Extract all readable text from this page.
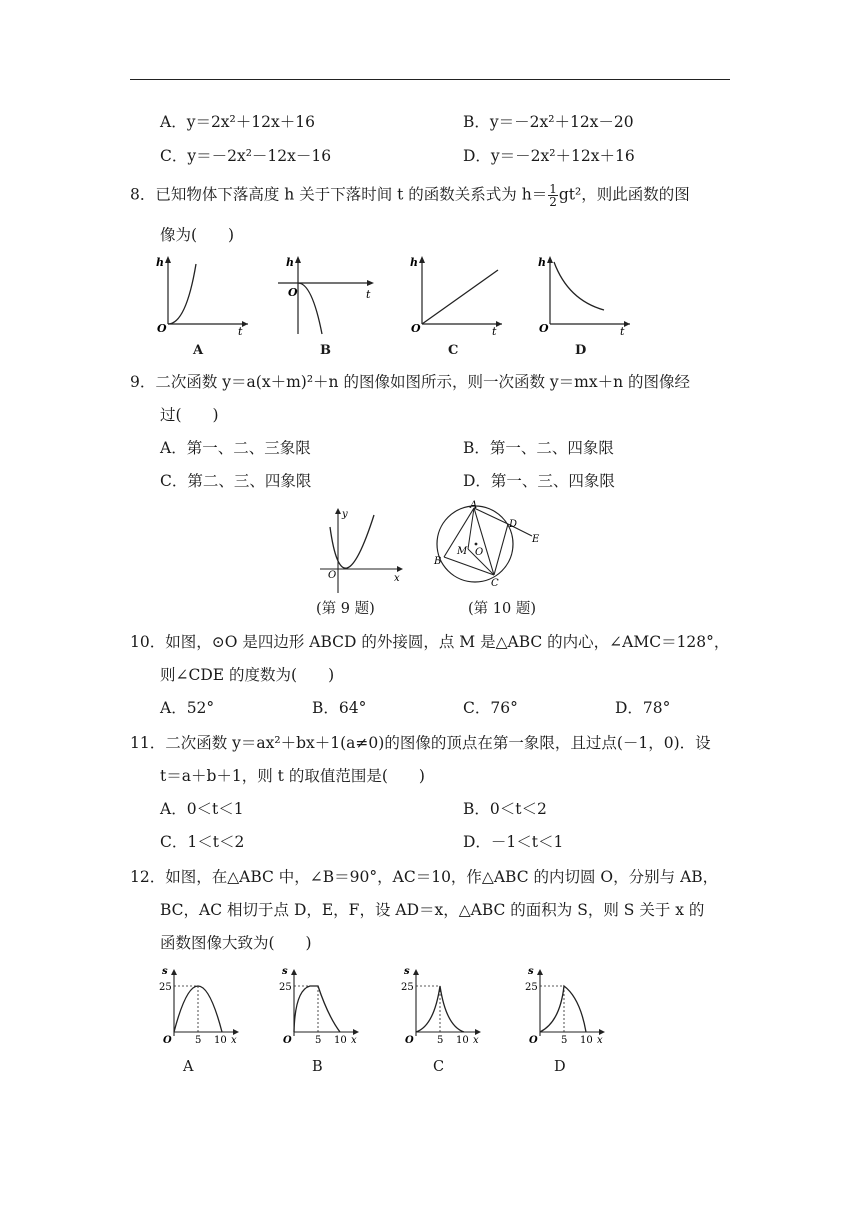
A．y＝2x²＋12x＋16	B．y＝－2x²＋12x－20
C．y＝－2x²－12x－16	D．y＝－2x²＋12x＋16
8．已知物体下落高度 h 关于下落时间 t 的函数关系式为 $h= \frac{1}{2} gt^2$，则此函数的图
像为(　　)
h
t
O
A
h
t
O
B
h
t
O
C
h
t
O
D
9．二次函数 y＝a(x＋m)²＋n 的图像如图所示，则一次函数 y＝mx＋n 的图像经
过(　　)
A．第一、二、三象限	B．第一、二、四象限
C．第二、三、四象限	D．第一、三、四象限
y
x
O
A
B
C
D
E
M O
(第 9 题)	(第 10 题)
10．如图，⊙O 是四边形 ABCD 的外接圆，点 M 是△ABC 的内心，∠AMC＝128°，
则∠CDE 的度数为(　　)
A．52°	B．64°	C．76°	D．78°
11．二次函数 y＝ax²＋bx＋1(a≠0)的图像的顶点在第一象限，且过点(－1，0)．设
t＝a＋b＋1，则 t 的取值范围是(　　)
A．0＜t＜1	B．0＜t＜2
C．1＜t＜2	D．－1＜t＜1
12．如图，在△ABC 中，∠B＝90°，AC＝10，作△ABC 的内切圆 O，分别与 AB，
BC，AC 相切于点 D，E，F，设 AD＝x，△ABC 的面积为 S，则 S 关于 x 的
函数图像大致为(　　)
s
25
O 5 10 x
A
s
25
O 5 10 x
B
s
25
O 5 10 x
C
s
25
O 5 10 x
D
